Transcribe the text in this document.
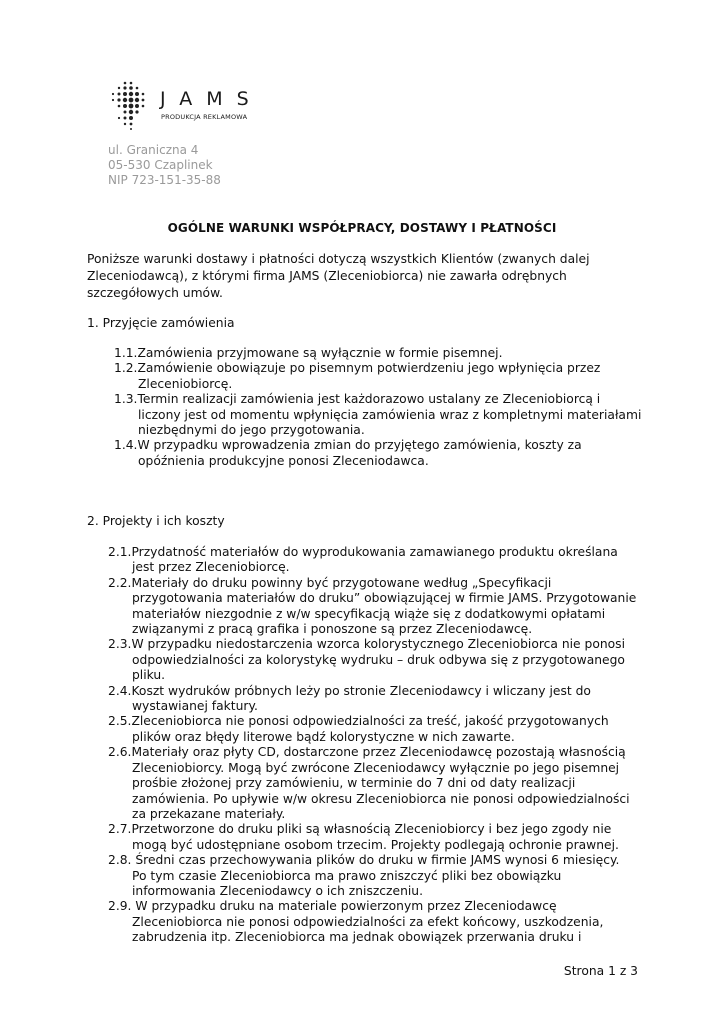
JAMS
PRODUKCJA REKLAMOWA
ul. Graniczna 4
05-530 Czaplinek
NIP 723-151-35-88
OGÓLNE WARUNKI WSPÓŁPRACY, DOSTAWY I PŁATNOŚCI
Poniższe warunki dostawy i płatności dotyczą wszystkich Klientów (zwanych dalej
Zleceniodawcą), z którymi firma JAMS (Zleceniobiorca) nie zawarła odrębnych
szczegółowych umów.
1. Przyjęcie zamówienia
1.1.Zamówienia przyjmowane są wyłącznie w formie pisemnej.
1.2.Zamówienie obowiązuje po pisemnym potwierdzeniu jego wpłynięcia przez
Zleceniobiorcę.
1.3.Termin realizacji zamówienia jest każdorazowo ustalany ze Zleceniobiorcą i
liczony jest od momentu wpłynięcia zamówienia wraz z kompletnymi materiałami
niezbędnymi do jego przygotowania.
1.4.W przypadku wprowadzenia zmian do przyjętego zamówienia, koszty za
opóźnienia produkcyjne ponosi Zleceniodawca.
2. Projekty i ich koszty
2.1.Przydatność materiałów do wyprodukowania zamawianego produktu określana
jest przez Zleceniobiorcę.
2.2.Materiały do druku powinny być przygotowane według „Specyfikacji
przygotowania materiałów do druku” obowiązującej w firmie JAMS. Przygotowanie
materiałów niezgodnie z w/w specyfikacją wiąże się z dodatkowymi opłatami
związanymi z pracą grafika i ponoszone są przez Zleceniodawcę.
2.3.W przypadku niedostarczenia wzorca kolorystycznego Zleceniobiorca nie ponosi
odpowiedzialności za kolorystykę wydruku – druk odbywa się z przygotowanego
pliku.
2.4.Koszt wydruków próbnych leży po stronie Zleceniodawcy i wliczany jest do
wystawianej faktury.
2.5.Zleceniobiorca nie ponosi odpowiedzialności za treść, jakość przygotowanych
plików oraz błędy literowe bądź kolorystyczne w nich zawarte.
2.6.Materiały oraz płyty CD, dostarczone przez Zleceniodawcę pozostają własnością
Zleceniobiorcy. Mogą być zwrócone Zleceniodawcy wyłącznie po jego pisemnej
prośbie złożonej przy zamówieniu, w terminie do 7 dni od daty realizacji
zamówienia. Po upływie w/w okresu Zleceniobiorca nie ponosi odpowiedzialności
za przekazane materiały.
2.7.Przetworzone do druku pliki są własnością Zleceniobiorcy i bez jego zgody nie
mogą być udostępniane osobom trzecim. Projekty podlegają ochronie prawnej.
2.8. Średni czas przechowywania plików do druku w firmie JAMS wynosi 6 miesięcy.
Po tym czasie Zleceniobiorca ma prawo zniszczyć pliki bez obowiązku
informowania Zleceniodawcy o ich zniszczeniu.
2.9. W przypadku druku na materiale powierzonym przez Zleceniodawcę
Zleceniobiorca nie ponosi odpowiedzialności za efekt końcowy, uszkodzenia,
zabrudzenia itp. Zleceniobiorca ma jednak obowiązek przerwania druku i
Strona 1 z 3
